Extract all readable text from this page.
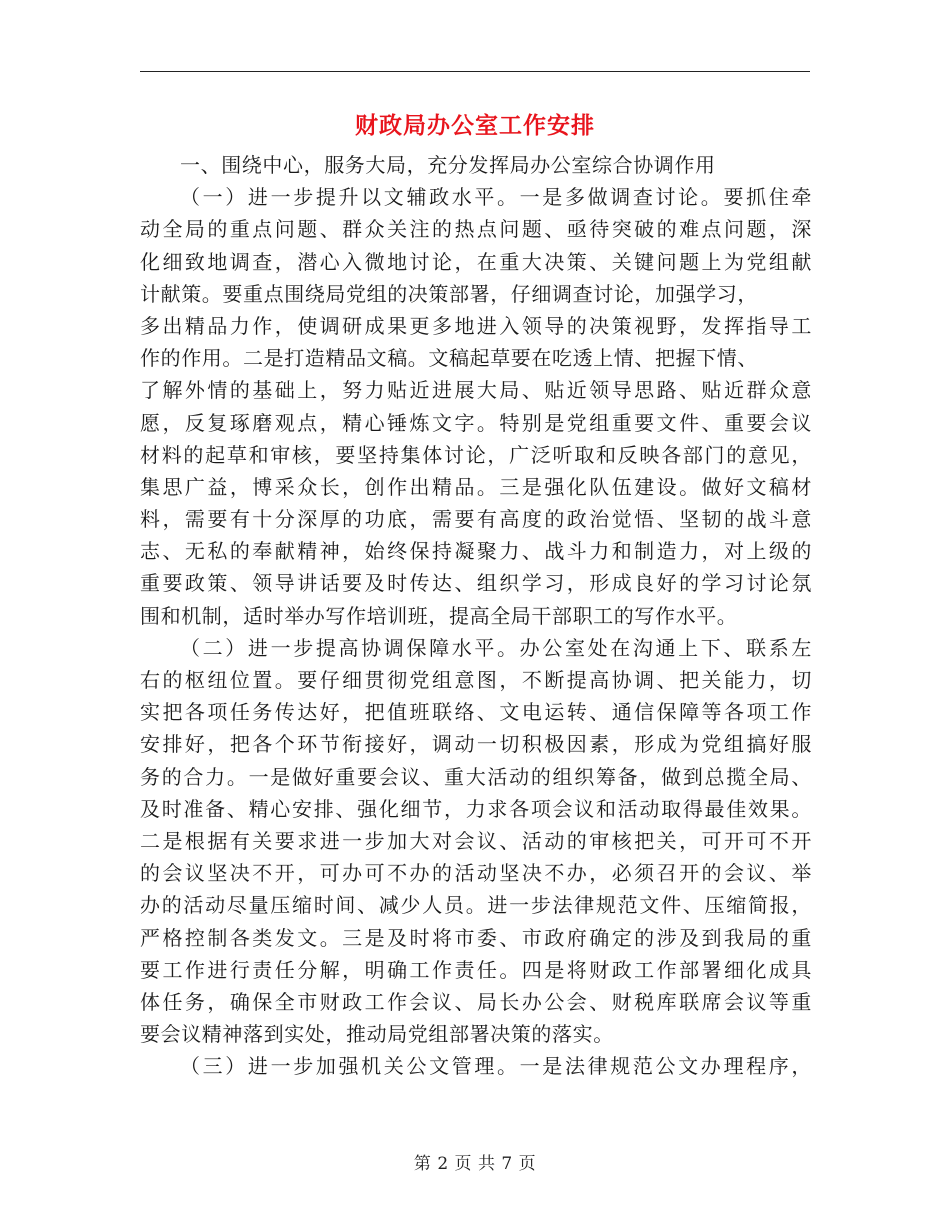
财政局办公室工作安排
一、围绕中心，服务大局，充分发挥局办公室综合协调作用
（一）进一步提升以文辅政水平。一是多做调查讨论。要抓住牵
动全局的重点问题、群众关注的热点问题、亟待突破的难点问题，深
化细致地调查，潜心入微地讨论，在重大决策、关键问题上为党组献
计献策。要重点围绕局党组的决策部署，仔细调查讨论，加强学习，
多出精品力作，使调研成果更多地进入领导的决策视野，发挥指导工
作的作用。二是打造精品文稿。文稿起草要在吃透上情、把握下情、
了解外情的基础上，努力贴近进展大局、贴近领导思路、贴近群众意
愿，反复琢磨观点，精心锤炼文字。特别是党组重要文件、重要会议
材料的起草和审核，要坚持集体讨论，广泛听取和反映各部门的意见，
集思广益，博采众长，创作出精品。三是强化队伍建设。做好文稿材
料，需要有十分深厚的功底，需要有高度的政治觉悟、坚韧的战斗意
志、无私的奉献精神，始终保持凝聚力、战斗力和制造力，对上级的
重要政策、领导讲话要及时传达、组织学习，形成良好的学习讨论氛
围和机制，适时举办写作培训班，提高全局干部职工的写作水平。
（二）进一步提高协调保障水平。办公室处在沟通上下、联系左
右的枢纽位置。要仔细贯彻党组意图，不断提高协调、把关能力，切
实把各项任务传达好，把值班联络、文电运转、通信保障等各项工作
安排好，把各个环节衔接好，调动一切积极因素，形成为党组搞好服
务的合力。一是做好重要会议、重大活动的组织筹备，做到总揽全局、
及时准备、精心安排、强化细节，力求各项会议和活动取得最佳效果。
二是根据有关要求进一步加大对会议、活动的审核把关，可开可不开
的会议坚决不开，可办可不办的活动坚决不办，必须召开的会议、举
办的活动尽量压缩时间、减少人员。进一步法律规范文件、压缩简报，
严格控制各类发文。三是及时将市委、市政府确定的涉及到我局的重
要工作进行责任分解，明确工作责任。四是将财政工作部署细化成具
体任务，确保全市财政工作会议、局长办公会、财税库联席会议等重
要会议精神落到实处，推动局党组部署决策的落实。
（三）进一步加强机关公文管理。一是法律规范公文办理程序，
第 2 页 共 7 页
